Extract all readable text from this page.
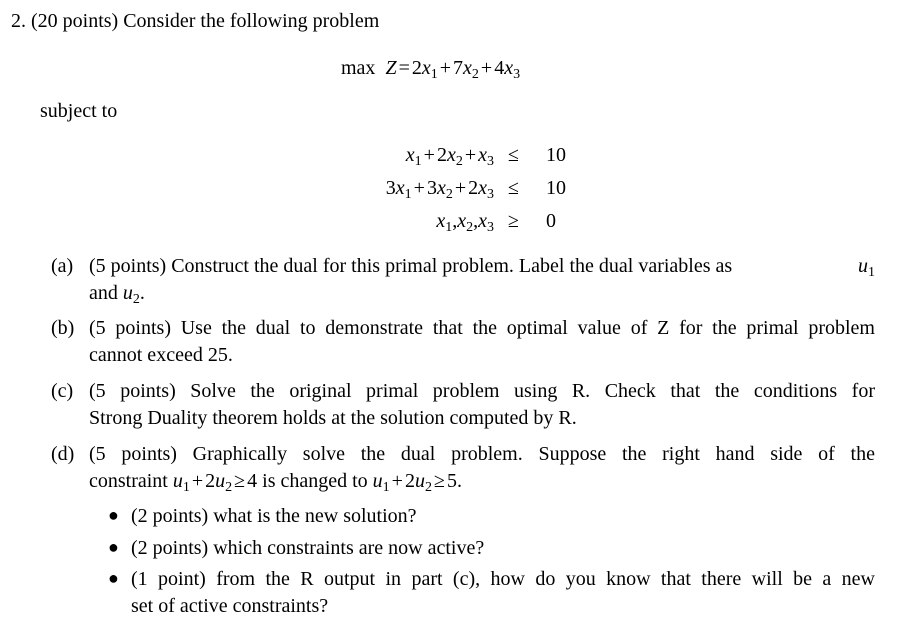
2. (20 points) Consider the following problem
$\max Z = 2x_1 + 7x_2 + 4x_3$
subject to
$x_1 + 2x_2 + x_3 \le 10$
$3x_1 + 3x_2 + 2x_3 \le 10$
$x_1,x_2,x_3 \ge 0$
(a) (5 points) Construct the dual for this primal problem. Label the dual variables as	$u_1$
and $u_2$.
(b) (5 points) Use the dual to demonstrate that the optimal value of Z for the primal problem
cannot exceed 25.
(c) (5 points) Solve the original primal problem using R. Check that the conditions for
Strong Duality theorem holds at the solution computed by R.
(d) (5 points) Graphically solve the dual problem. Suppose the right hand side of the
constraint $u_1 + 2u_2 \ge 4$ is changed to $u_1 + 2u_2 \ge 5$.
● (2 points) what is the new solution?
● (2 points) which constraints are now active?
● (1 point) from the R output in part (c), how do you know that there will be a new
set of active constraints?
